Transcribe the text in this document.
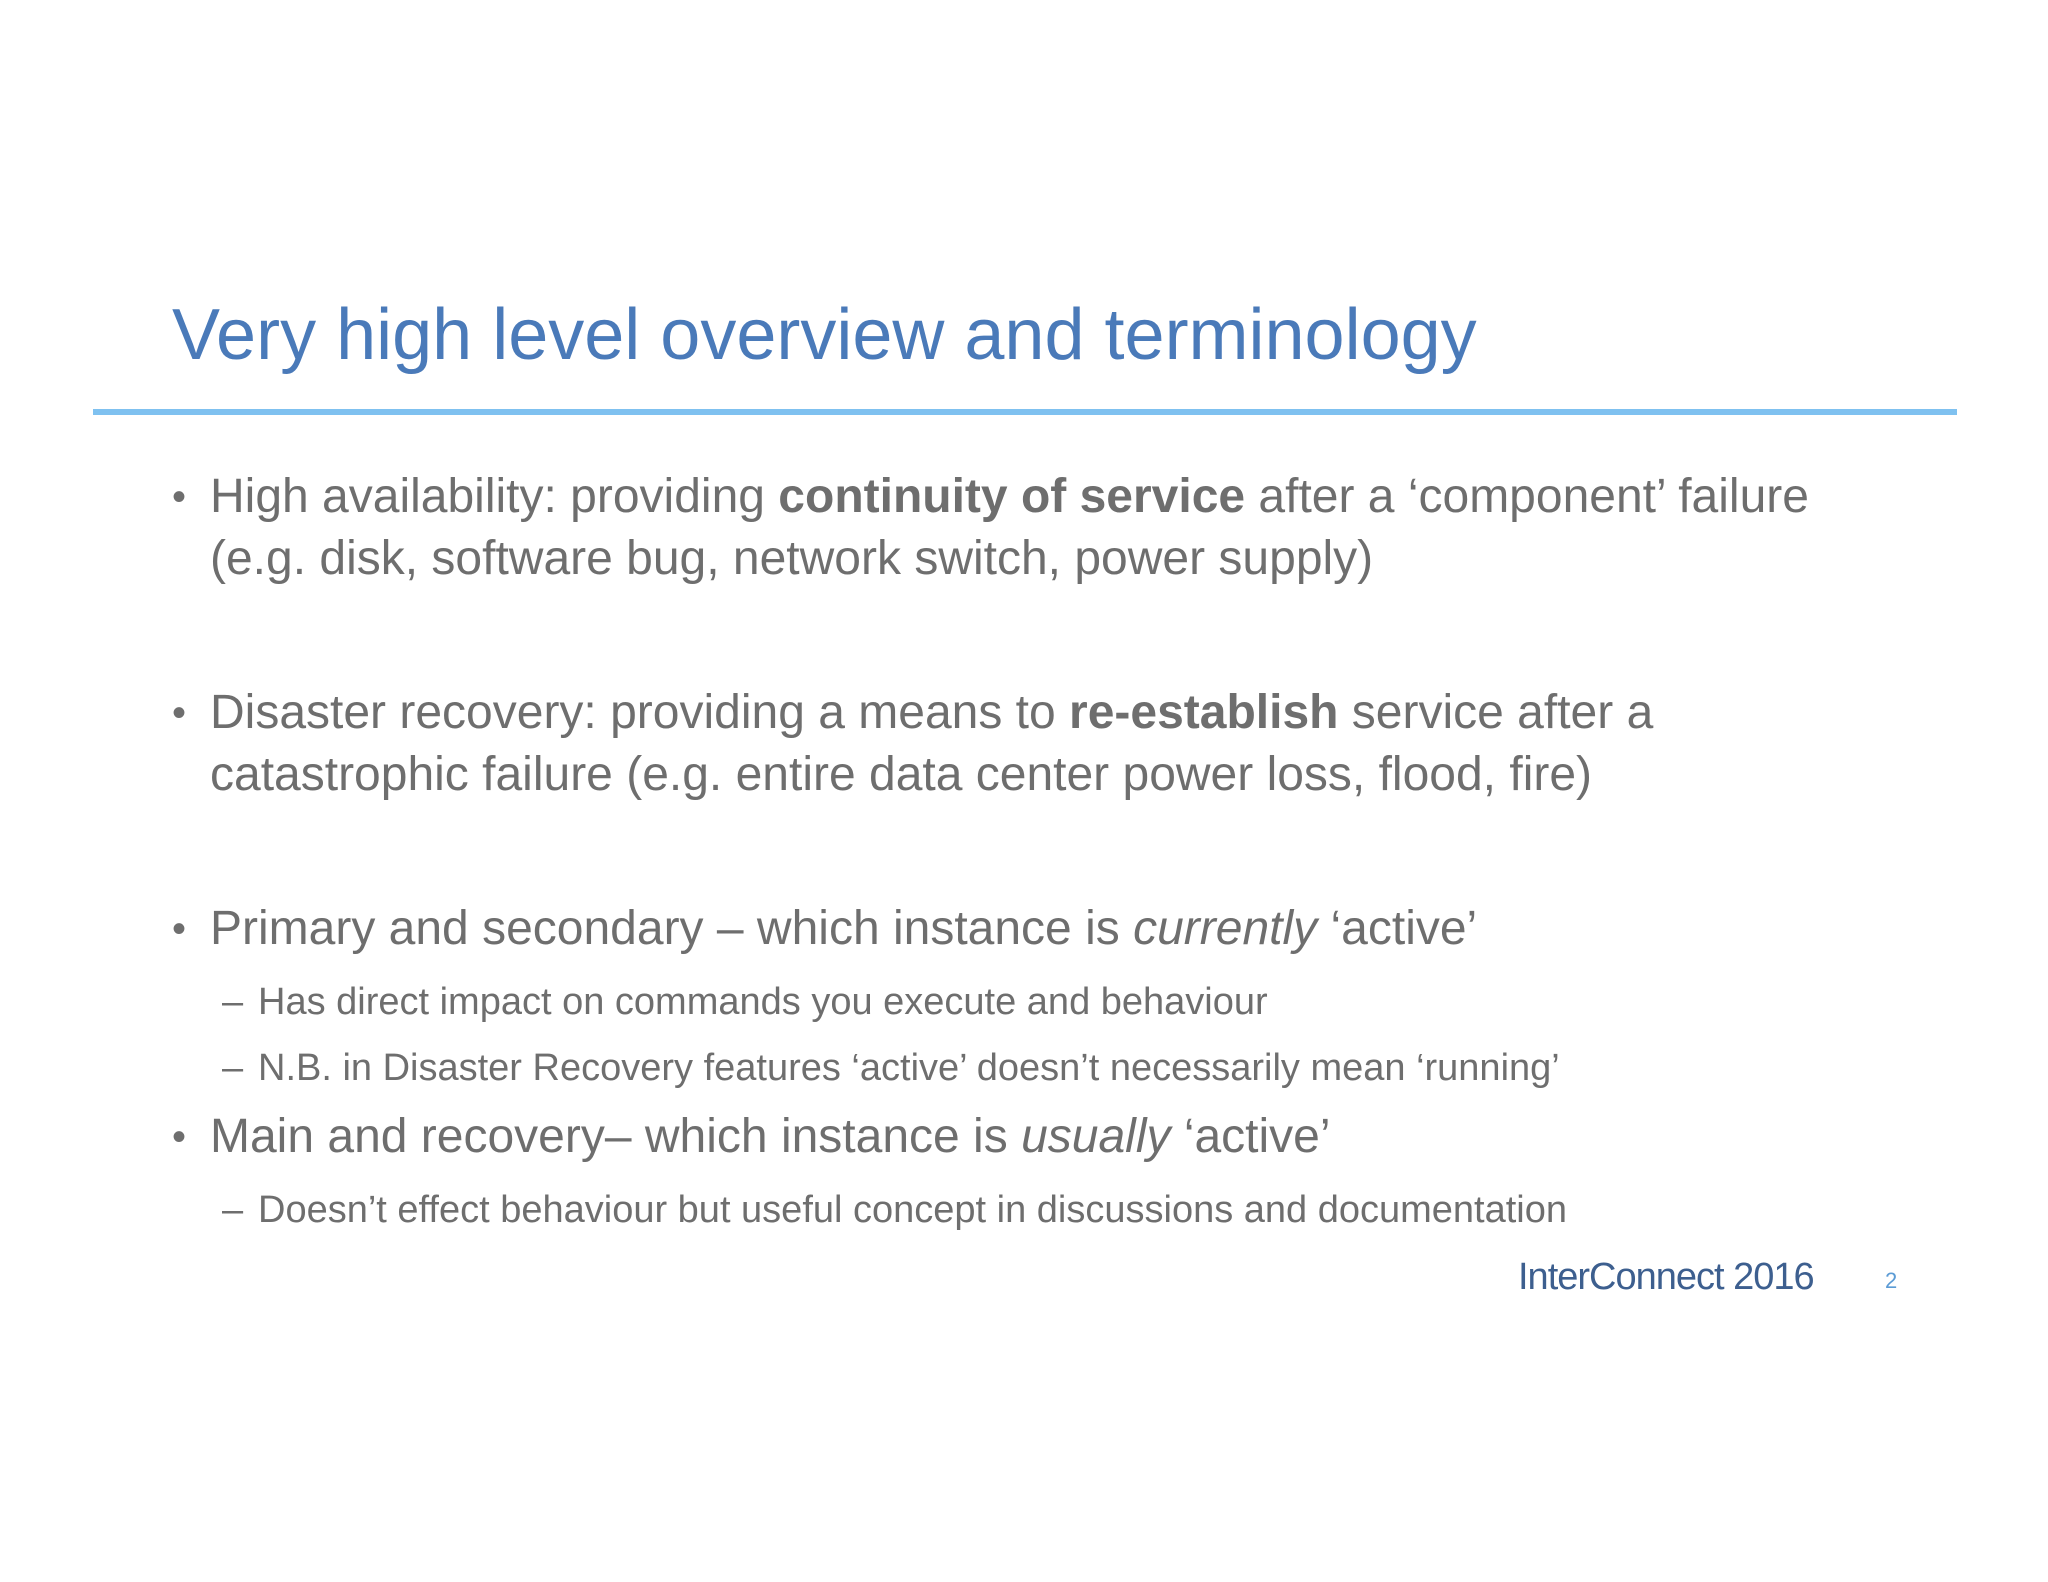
Very high level overview and terminology
• High availability: providing continuity of service after a ‘component’ failure (e.g. disk, software bug, network switch, power supply)
• Disaster recovery: providing a means to re-establish service after a catastrophic failure (e.g. entire data center power loss, flood, fire)
• Primary and secondary – which instance is currently ‘active’
– Has direct impact on commands you execute and behaviour
– N.B. in Disaster Recovery features ‘active’ doesn’t necessarily mean ‘running’
• Main and recovery– which instance is usually ‘active’
– Doesn’t effect behaviour but useful concept in discussions and documentation
InterConnect 2016	2
